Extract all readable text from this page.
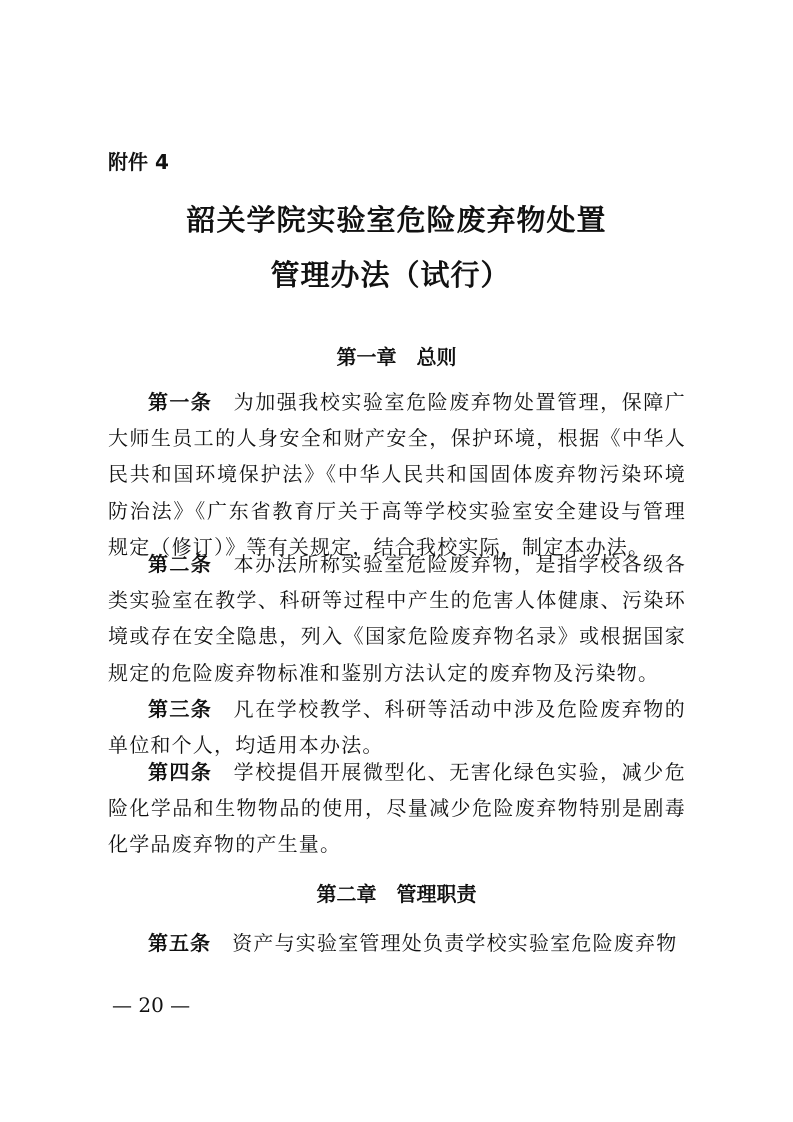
附件 4
韶关学院实验室危险废弃物处置
管理办法（试行）
第一章　总则

第一条　为加强我校实验室危险废弃物处置管理，保障广大师生员工的人身安全和财产安全，保护环境，根据《中华人民共和国环境保护法》《中华人民共和国固体废弃物污染环境防治法》《广东省教育厅关于高等学校实验室安全建设与管理规定（修订）》等有关规定，结合我校实际，制定本办法。

第二条　本办法所称实验室危险废弃物，是指学校各级各类实验室在教学、科研等过程中产生的危害人体健康、污染环境或存在安全隐患，列入《国家危险废弃物名录》或根据国家规定的危险废弃物标准和鉴别方法认定的废弃物及污染物。

第三条　凡在学校教学、科研等活动中涉及危险废弃物的单位和个人，均适用本办法。

第四条　学校提倡开展微型化、无害化绿色实验，减少危险化学品和生物物品的使用，尽量减少危险废弃物特别是剧毒化学品废弃物的产生量。

第二章　管理职责

第五条　资产与实验室管理处负责学校实验室危险废弃物

— 20 —
